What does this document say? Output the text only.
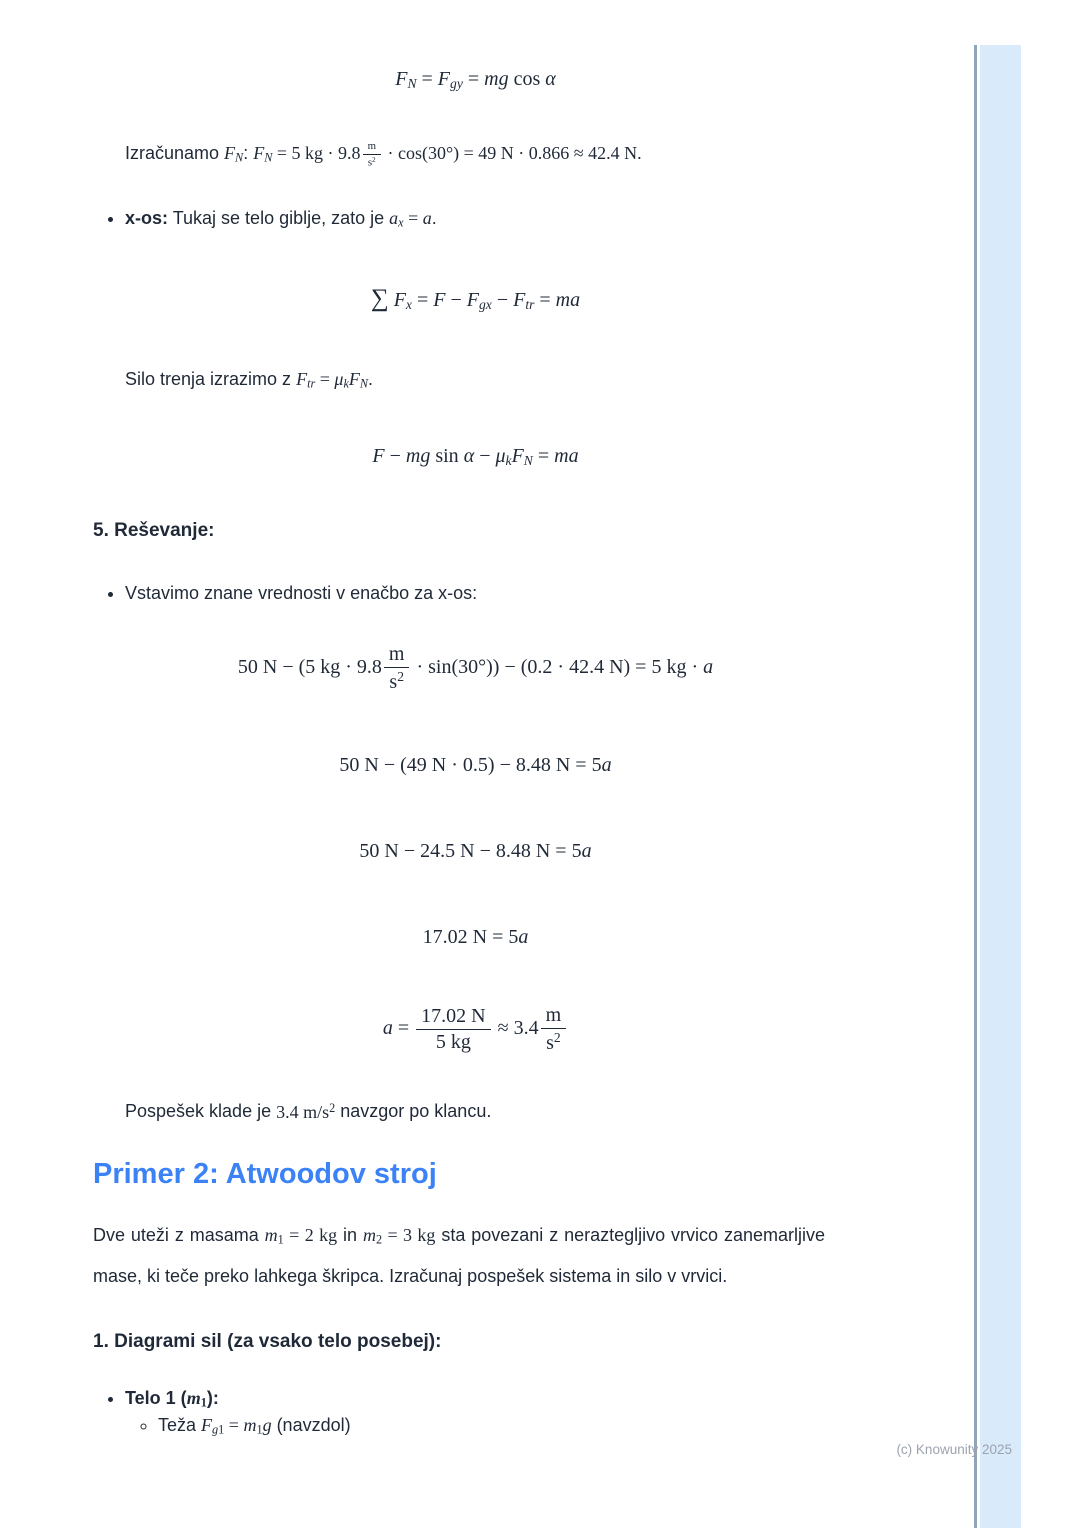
$F_N = F_{gy}$ = mg cos α

Izračunamo $F_N$: $F_N = 5$ kg · $9.8 \frac{m}{s^2} \cdot \cos(30^\circ) = 49$ N · 0.866 ≈ 42.4 N.

• x-os: Tukaj se telo giblje, zato je $a_x = a$.
∑ $F_x = F - F_{gx} - F_{tr}$ = ma

Silo trenja izrazimo z $F_{tr} = \mu_kF_N$.

F − mg $\sin \alpha - \mu_kF_N$ = ma
5. Reševanje:
• Vstavimo znane vrednosti v enačbo za x-os:
50 N − (5 kg · $9.8 \frac{m}{s^2} \cdot \sin(30^\circ)) - (0.2 \cdot 42.4$ N) = 5 kg · a
50 N − (49 N · 0.5) − 8.48 N = 5a
50 N − 24.5 N − 8.48 N = 5a
17.02 N = 5a
$a = \frac{17.02 N}{5 kg} \approx 3.4 \frac{m}{s^2}$

Pospešek klade je 3.4 $m/s^2$ navzgor po klancu.

Primer 2: Atwoodov stroj

Dve uteži z masama $m_1 = 2$ kg in $m_2 = 3$ kg sta povezani z neraztegljivo vrvico zanemarljive mase, ki teče preko lahkega škripca. Izračunaj pospešek sistema in silo v vrvici.

1. Diagrami sil (za vsako telo posebej):
• Telo 1 $(m_1)$:
◦ Teža $F_{g1} = m_1g$ (navzdol)
(c) Knowunity 2025
